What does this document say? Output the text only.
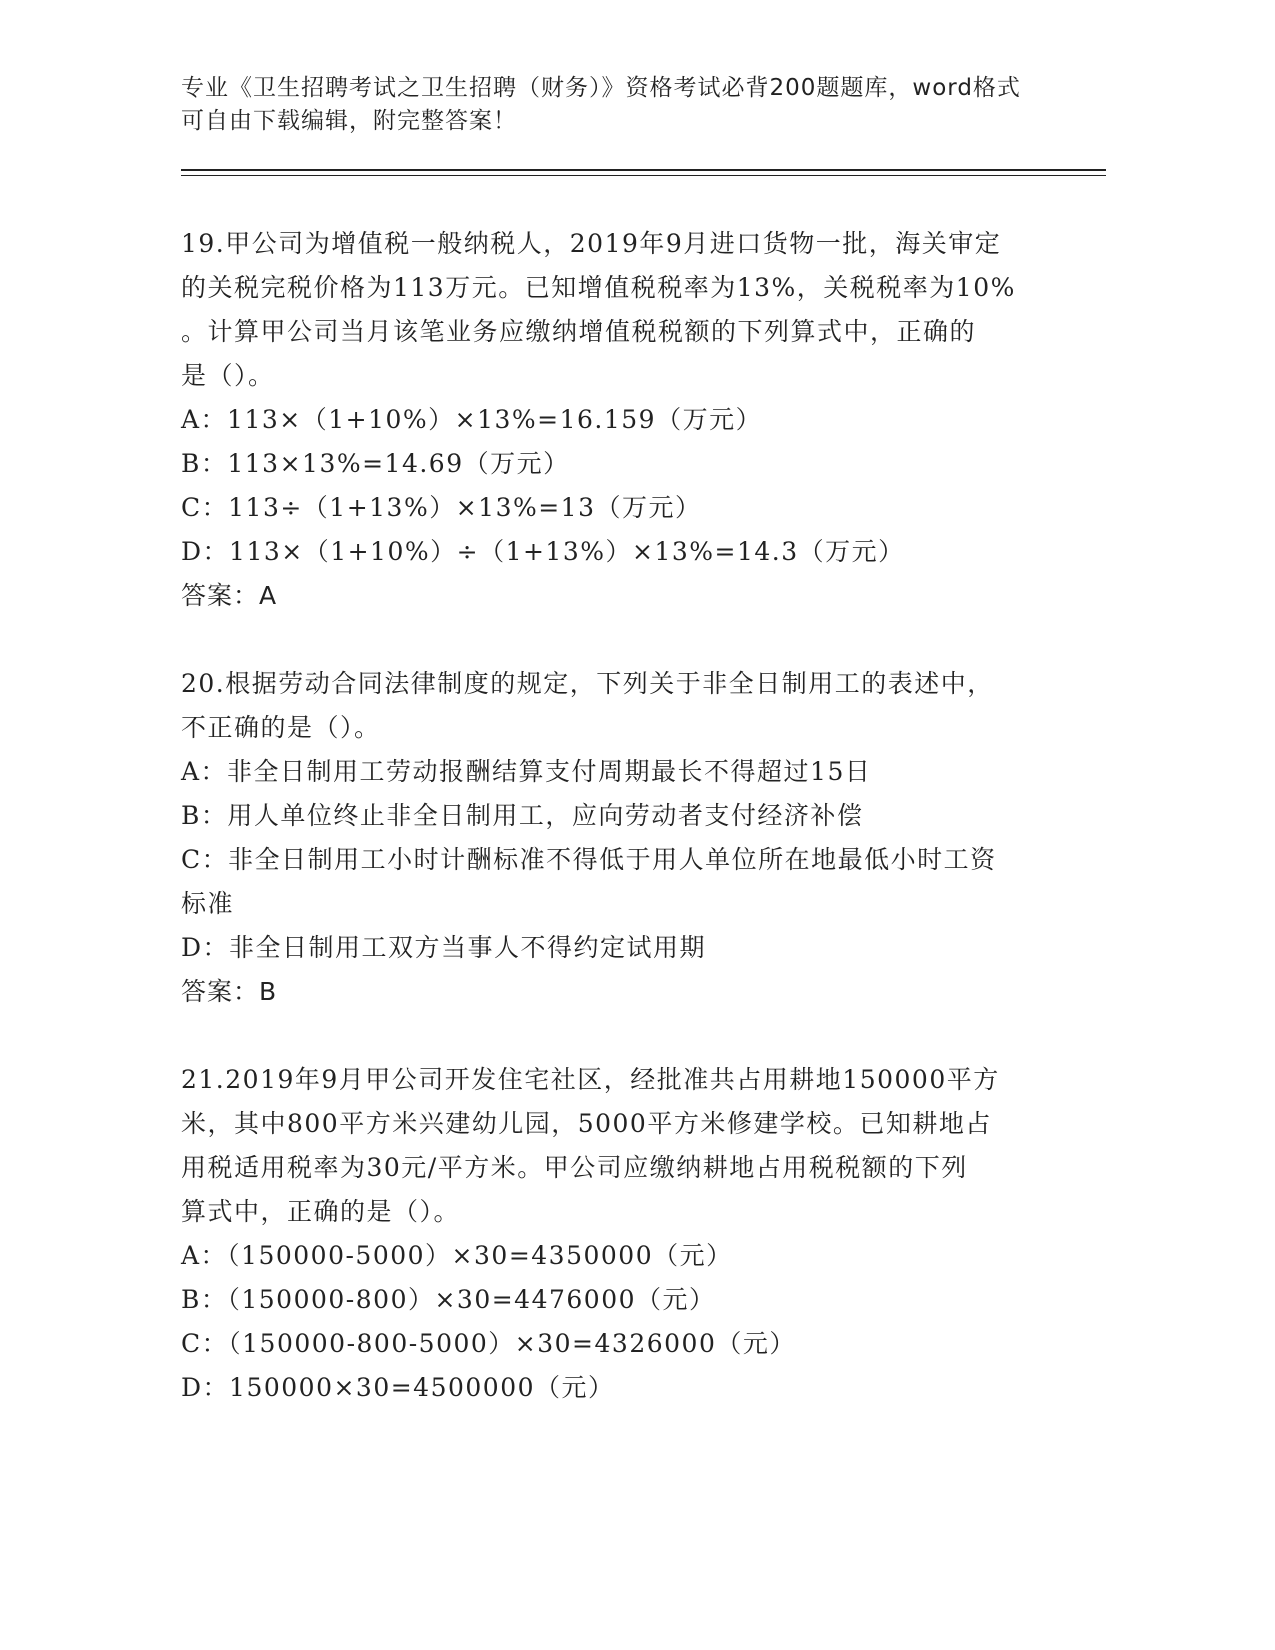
专业《卫生招聘考试之卫生招聘（财务）》资格考试必背200题题库，word格式
可自由下载编辑，附完整答案！
19.甲公司为增值税一般纳税人，2019年9月进口货物一批，海关审定
的关税完税价格为113万元。已知增值税税率为13%，关税税率为10%
。计算甲公司当月该笔业务应缴纳增值税税额的下列算式中，正确的
是（）。
A：113×（1+10%）×13%=16.159（万元）
B：113×13%=14.69（万元）
C：113÷（1+13%）×13%=13（万元）
D：113×（1+10%）÷（1+13%）×13%=14.3（万元）
答案：A
20.根据劳动合同法律制度的规定，下列关于非全日制用工的表述中，
不正确的是（）。
A：非全日制用工劳动报酬结算支付周期最长不得超过15日
B：用人单位终止非全日制用工，应向劳动者支付经济补偿
C：非全日制用工小时计酬标准不得低于用人单位所在地最低小时工资
标准
D：非全日制用工双方当事人不得约定试用期
答案：B
21.2019年9月甲公司开发住宅社区，经批准共占用耕地150000平方
米，其中800平方米兴建幼儿园，5000平方米修建学校。已知耕地占
用税适用税率为30元/平方米。甲公司应缴纳耕地占用税税额的下列
算式中，正确的是（）。
A：（150000-5000）×30=4350000（元）
B：（150000-800）×30=4476000（元）
C：（150000-800-5000）×30=4326000（元）
D：150000×30=4500000（元）
